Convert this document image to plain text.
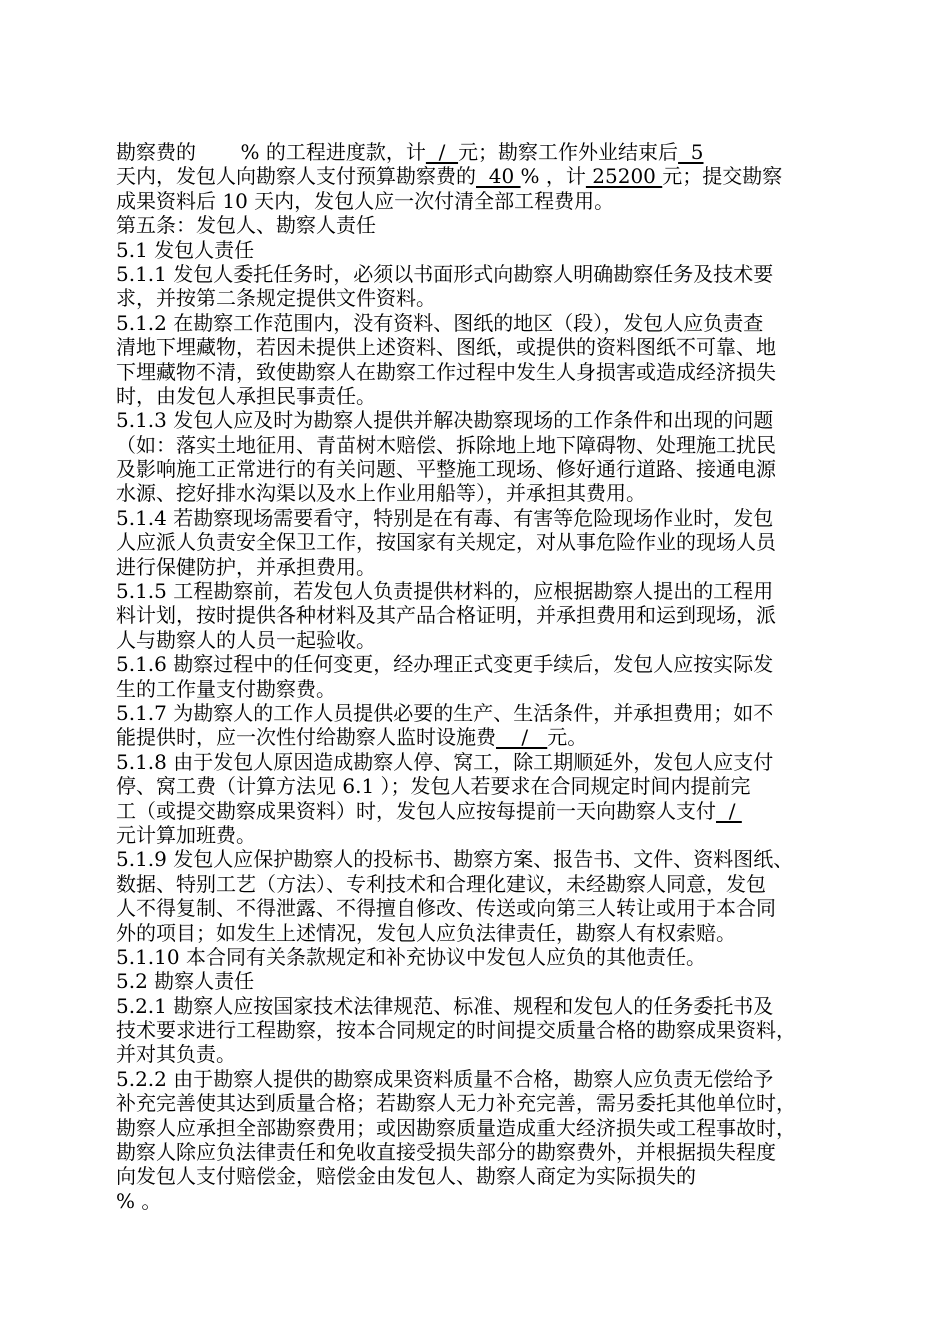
勘察费的 % 的工程进度款，计  /  元；勘察工作外业结束后  5
天内，发包人向勘察人支付预算勘察费的  40 % ，计 25200 元；提交勘察
成果资料后 10 天内，发包人应一次付清全部工程费用。
第五条：发包人、勘察人责任
5.1 发包人责任
5.1.1 发包人委托任务时，必须以书面形式向勘察人明确勘察任务及技术要
求，并按第二条规定提供文件资料。
5.1.2 在勘察工作范围内，没有资料、图纸的地区（段），发包人应负责查
清地下埋藏物，若因未提供上述资料、图纸，或提供的资料图纸不可靠、地
下埋藏物不清，致使勘察人在勘察工作过程中发生人身损害或造成经济损失
时，由发包人承担民事责任。
5.1.3 发包人应及时为勘察人提供并解决勘察现场的工作条件和出现的问题
（如：落实土地征用、青苗树木赔偿、拆除地上地下障碍物、处理施工扰民
及影响施工正常进行的有关问题、平整施工现场、修好通行道路、接通电源
水源、挖好排水沟渠以及水上作业用船等），并承担其费用。
5.1.4 若勘察现场需要看守，特别是在有毒、有害等危险现场作业时，发包
人应派人负责安全保卫工作，按国家有关规定，对从事危险作业的现场人员
进行保健防护，并承担费用。
5.1.5 工程勘察前，若发包人负责提供材料的，应根据勘察人提出的工程用
料计划，按时提供各种材料及其产品合格证明，并承担费用和运到现场，派
人与勘察人的人员一起验收。
5.1.6 勘察过程中的任何变更，经办理正式变更手续后，发包人应按实际发
生的工作量支付勘察费。
5.1.7 为勘察人的工作人员提供必要的生产、生活条件，并承担费用；如不
能提供时，应一次性付给勘察人监时设施费    /   元。
5.1.8 由于发包人原因造成勘察人停、窝工，除工期顺延外，发包人应支付
停、窝工费（计算方法见 6.1 ）；发包人若要求在合同规定时间内提前完
工（或提交勘察成果资料）时，发包人应按每提前一天向勘察人支付  /
元计算加班费。
5.1.9 发包人应保护勘察人的投标书、勘察方案、报告书、文件、资料图纸、
数据、特别工艺（方法）、专利技术和合理化建议，未经勘察人同意，发包
人不得复制、不得泄露、不得擅自修改、传送或向第三人转让或用于本合同
外的项目；如发生上述情况，发包人应负法律责任，勘察人有权索赔。
5.1.10 本合同有关条款规定和补充协议中发包人应负的其他责任。
5.2 勘察人责任
5.2.1 勘察人应按国家技术法律规范、标准、规程和发包人的任务委托书及
技术要求进行工程勘察，按本合同规定的时间提交质量合格的勘察成果资料，
并对其负责。
5.2.2 由于勘察人提供的勘察成果资料质量不合格，勘察人应负责无偿给予
补充完善使其达到质量合格；若勘察人无力补充完善，需另委托其他单位时，
勘察人应承担全部勘察费用；或因勘察质量造成重大经济损失或工程事故时，
勘察人除应负法律责任和免收直接受损失部分的勘察费外，并根据损失程度
向发包人支付赔偿金，赔偿金由发包人、勘察人商定为实际损失的
% 。
